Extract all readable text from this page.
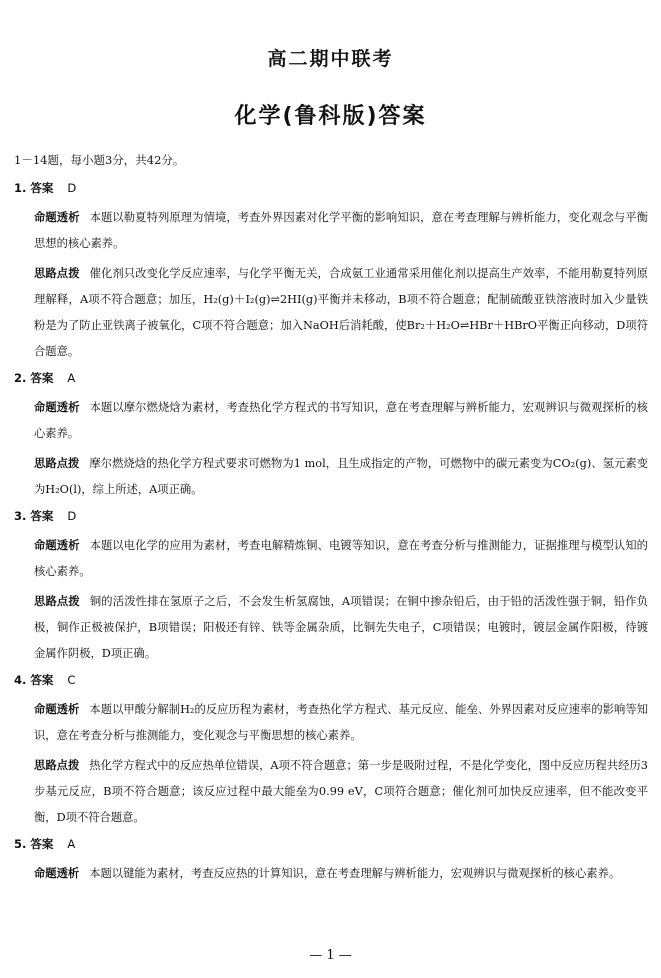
高二期中联考
化学(鲁科版)答案
1－14题，每小题3分，共42分。
1. 答案 D
命题透析 本题以勒夏特列原理为情境，考查外界因素对化学平衡的影响知识，意在考查理解与辨析能力，变化观念与平衡思想的核心素养。
思路点拨 催化剂只改变化学反应速率，与化学平衡无关，合成氨工业通常采用催化剂以提高生产效率，不能用勒夏特列原理解释，A项不符合题意；加压，H₂(g)＋I₂(g)⇌2HI(g)平衡并未移动，B项不符合题意；配制硫酸亚铁溶液时加入少量铁粉是为了防止亚铁离子被氧化，C项不符合题意；加入NaOH后消耗酸，使Br₂＋H₂O⇌HBr＋HBrO平衡正向移动，D项符合题意。
2. 答案 A
命题透析 本题以摩尔燃烧焓为素材，考查热化学方程式的书写知识，意在考查理解与辨析能力，宏观辨识与微观探析的核心素养。
思路点拨 摩尔燃烧焓的热化学方程式要求可燃物为1 mol，且生成指定的产物，可燃物中的碳元素变为CO₂(g)、氢元素变为H₂O(l)，综上所述，A项正确。
3. 答案 D
命题透析 本题以电化学的应用为素材，考查电解精炼铜、电镀等知识，意在考查分析与推测能力，证据推理与模型认知的核心素养。
思路点拨 铜的活泼性排在氢原子之后，不会发生析氢腐蚀，A项错误；在铜中掺杂铅后，由于铅的活泼性强于铜，铅作负极，铜作正极被保护，B项错误；阳极还有锌、铁等金属杂质，比铜先失电子，C项错误；电镀时，镀层金属作阳极，待镀金属作阴极，D项正确。
4. 答案 C
命题透析 本题以甲酸分解制H₂的反应历程为素材，考查热化学方程式、基元反应、能垒、外界因素对反应速率的影响等知识，意在考查分析与推测能力，变化观念与平衡思想的核心素养。
思路点拨 热化学方程式中的反应热单位错误，A项不符合题意；第一步是吸附过程，不是化学变化，图中反应历程共经历3步基元反应，B项不符合题意；该反应过程中最大能垒为0.99 eV，C项符合题意；催化剂可加快反应速率，但不能改变平衡，D项不符合题意。
5. 答案 A
命题透析 本题以键能为素材，考查反应热的计算知识，意在考查理解与辨析能力，宏观辨识与微观探析的核心素养。
— 1 —
